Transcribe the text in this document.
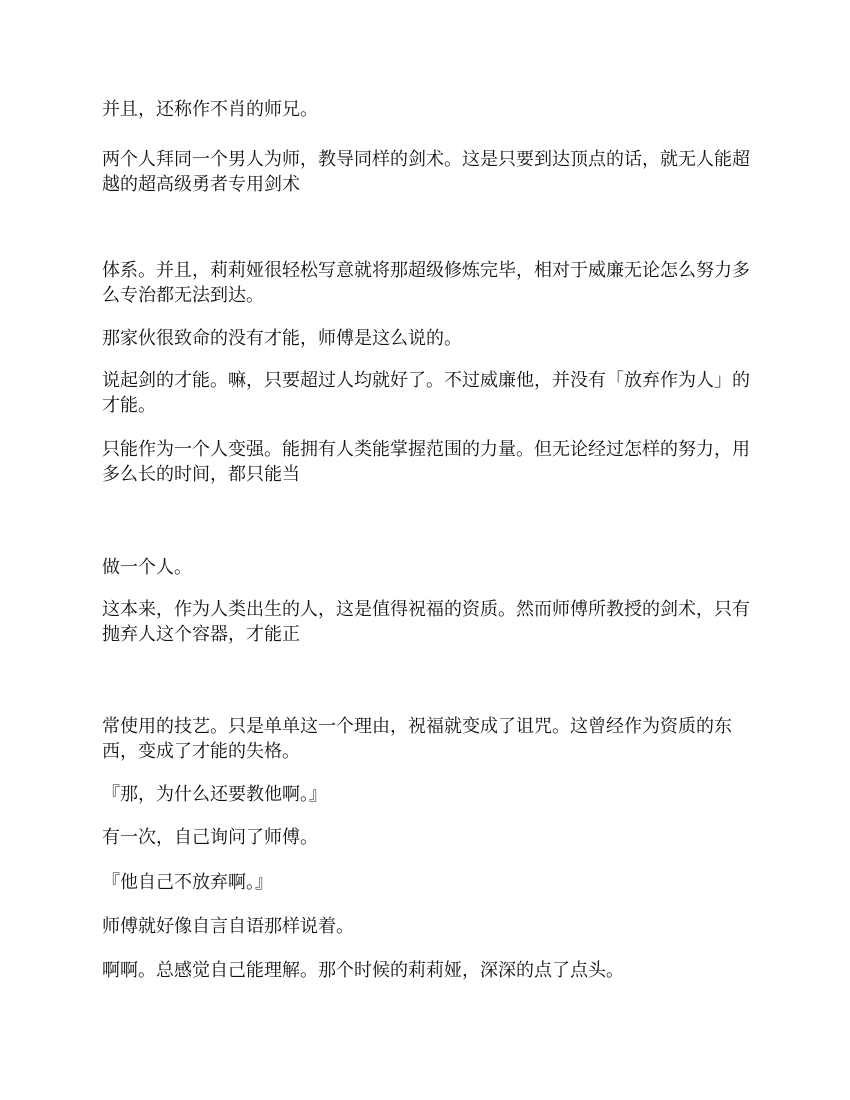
并且，还称作不肖的师兄。

两个人拜同一个男人为师，教导同样的剑术。这是只要到达顶点的话，就无人能超越的超高级勇者专用剑术

体系。并且，莉莉娅很轻松写意就将那超级修炼完毕，相对于威廉无论怎么努力多么专治都无法到达。

那家伙很致命的没有才能，师傅是这么说的。

说起剑的才能。嘛，只要超过人均就好了。不过威廉他，并没有「放弃作为人」的才能。

只能作为一个人变强。能拥有人类能掌握范围的力量。但无论经过怎样的努力，用多么长的时间，都只能当

做一个人。

这本来，作为人类出生的人，这是值得祝福的资质。然而师傅所教授的剑术，只有抛弃人这个容器，才能正

常使用的技艺。只是单单这一个理由，祝福就变成了诅咒。这曾经作为资质的东西，变成了才能的失格。

『那，为什么还要教他啊。』

有一次，自己询问了师傅。

『他自己不放弃啊。』

师傅就好像自言自语那样说着。

啊啊。总感觉自己能理解。那个时候的莉莉娅，深深的点了点头。
